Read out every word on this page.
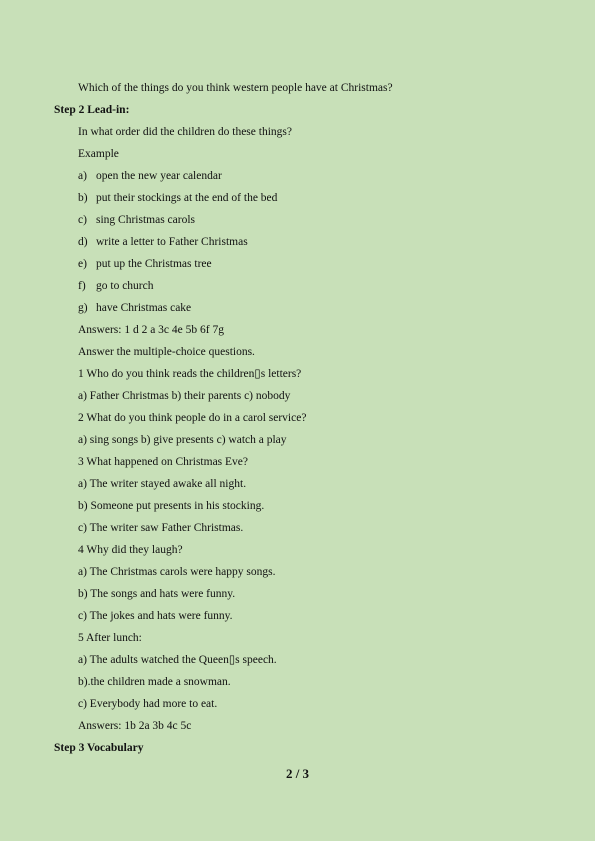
Which of the things do you think western people have at Christmas?
Step 2 Lead-in:
In what order did the children do these things?
Example
a) open the new year calendar
b) put their stockings at the end of the bed
c) sing Christmas carols
d) write a letter to Father Christmas
e) put up the Christmas tree
f) go to church
g) have Christmas cake
Answers: 1 d 2 a 3c 4e 5b 6f 7g
Answer the multiple-choice questions.
1 Who do you think reads the children▯s letters?
a) Father Christmas b) their parents c) nobody
2 What do you think people do in a carol service?
a) sing songs b) give presents c) watch a play
3 What happened on Christmas Eve?
a) The writer stayed awake all night.
b) Someone put presents in his stocking.
c) The writer saw Father Christmas.
4 Why did they laugh?
a) The Christmas carols were happy songs.
b) The songs and hats were funny.
c) The jokes and hats were funny.
5 After lunch:
a) The adults watched the Queen▯s speech.
b).the children made a snowman.
c) Everybody had more to eat.
Answers: 1b 2a 3b 4c 5c
Step 3 Vocabulary
2 / 3
